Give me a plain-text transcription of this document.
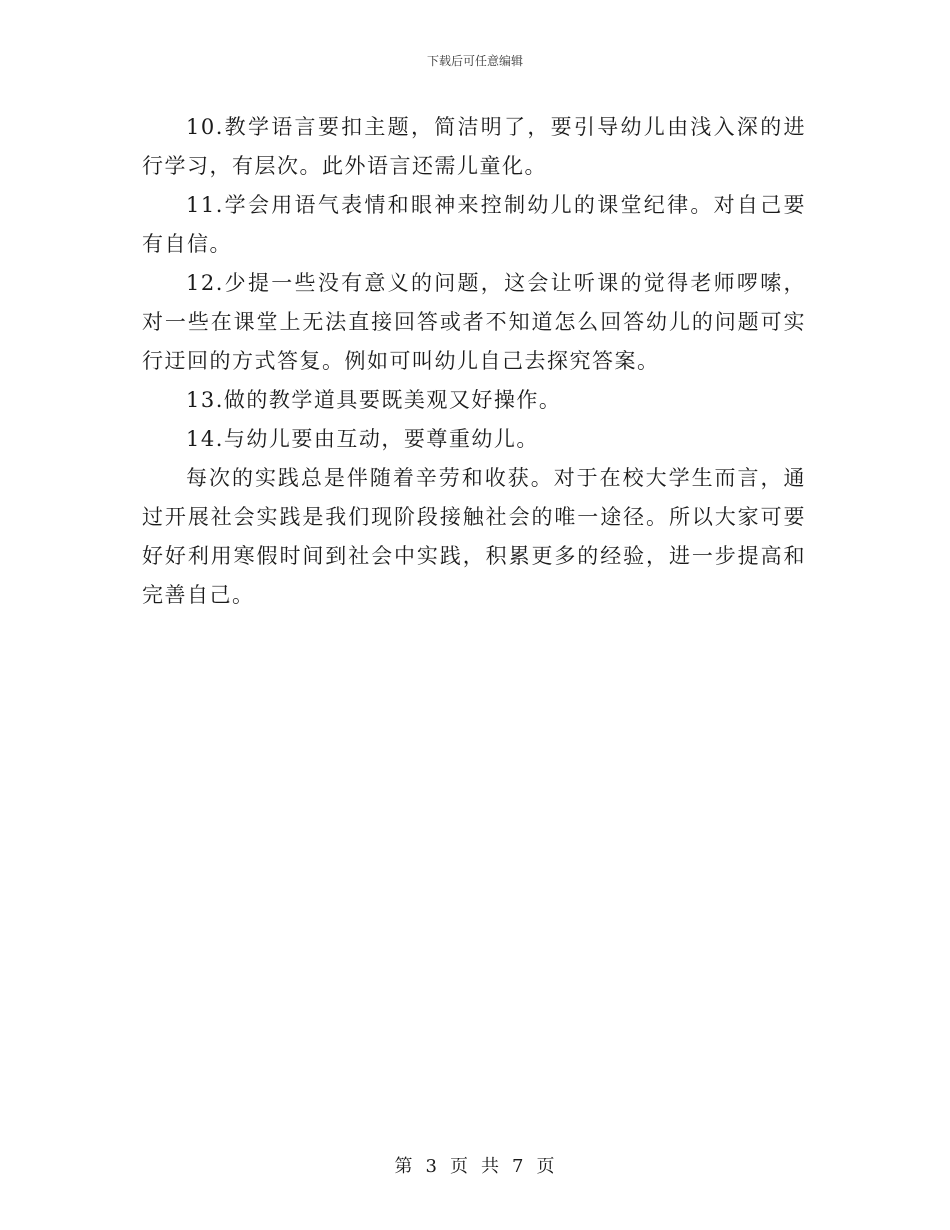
下载后可任意编辑

10.教学语言要扣主题，简洁明了，要引导幼儿由浅入深的进行学习，有层次。此外语言还需儿童化。

11.学会用语气表情和眼神来控制幼儿的课堂纪律。对自己要有自信。

12.少提一些没有意义的问题，这会让听课的觉得老师啰嗦，对一些在课堂上无法直接回答或者不知道怎么回答幼儿的问题可实行迂回的方式答复。例如可叫幼儿自己去探究答案。

13.做的教学道具要既美观又好操作。

14.与幼儿要由互动，要尊重幼儿。

每次的实践总是伴随着辛劳和收获。对于在校大学生而言，通过开展社会实践是我们现阶段接触社会的唯一途径。所以大家可要好好利用寒假时间到社会中实践，积累更多的经验，进一步提高和完善自己。

第 3 页 共 7 页
